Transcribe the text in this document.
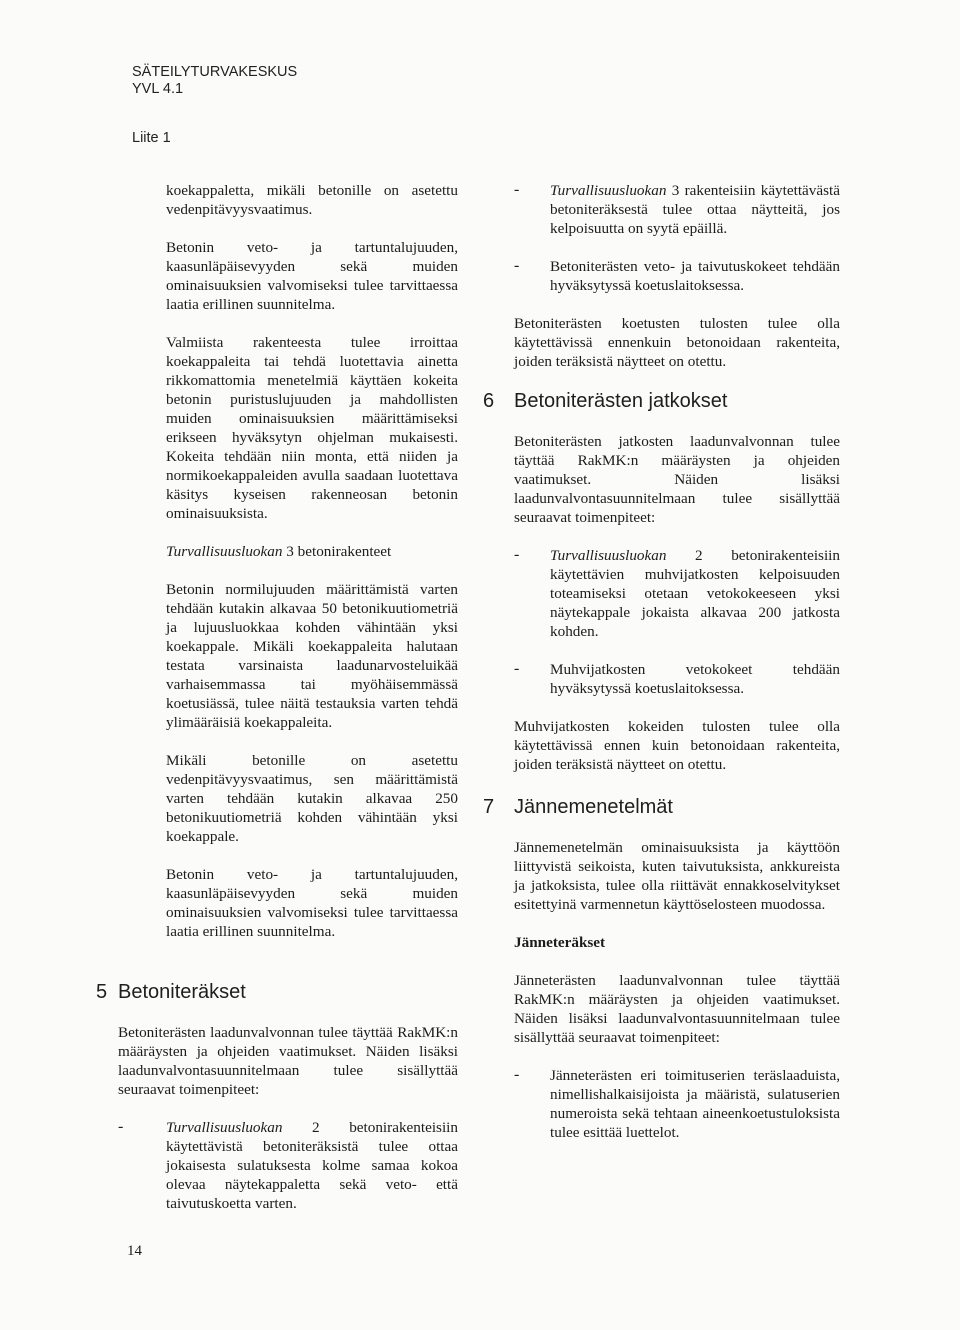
SÄTEILYTURVAKESKUS
YVL 4.1
Liite 1

koekappaletta, mikäli betonille on asetettu vedenpitävyysvaatimus.

Betonin veto- ja tartuntalujuuden, kaasunläpäisevyyden sekä muiden ominaisuuksien valvomiseksi tulee tarvittaessa laatia erillinen suunnitelma.

Valmiista rakenteesta tulee irroittaa koekappaleita tai tehdä luotettavia ainetta rikkomattomia menetelmiä käyttäen kokeita betonin puristuslujuuden ja mahdollisten muiden ominaisuuksien määrittämiseksi erikseen hyväksytyn ohjelman mukaisesti. Kokeita tehdään niin monta, että niiden ja normikoekappaleiden avulla saadaan luotettava käsitys kyseisen rakenneosan betonin ominaisuuksista.

Turvallisuusluokan 3 betonirakenteet

Betonin normilujuuden määrittämistä varten tehdään kutakin alkavaa 50 betonikuutiometriä ja lujuusluokkaa kohden vähintään yksi koekappale. Mikäli koekappaleita halutaan testata varsinaista laadunarvosteluikää varhaisemmassa tai myöhäisemmässä koetusiässä, tulee näitä testauksia varten tehdä ylimääräisiä koekappaleita.

Mikäli betonille on asetettu vedenpitävyysvaatimus, sen määrittämistä varten tehdään kutakin alkavaa 250 betonikuutiometriä kohden vähintään yksi koekappale.

Betonin veto- ja tartuntalujuuden, kaasunläpäisevyyden sekä muiden ominaisuuksien valvomiseksi tulee tarvittaessa laatia erillinen suunnitelma.

5 Betoniteräkset

Betoniterästen laadunvalvonnan tulee täyttää RakMK:n määräysten ja ohjeiden vaatimukset. Näiden lisäksi laadunvalvontasuunnitelmaan tulee sisällyttää seuraavat toimenpiteet:

-	Turvallisuusluokan 2 betonirakenteisiin käytettävistä betoniteräksistä tulee ottaa jokaisesta sulatuksesta kolme samaa kokoa olevaa näytekappaletta sekä veto- että taivutuskoetta varten.

- Turvallisuusluokan 3 rakenteisiin käytettävästä betoniteräksestä tulee ottaa näytteitä, jos kelpoisuutta on syytä epäillä.

- Betoniterästen veto- ja taivutuskokeet tehdään hyväksytyssä koetuslaitoksessa.

Betoniterästen koetusten tulosten tulee olla käytettävissä ennenkuin betonoidaan rakenteita, joiden teräksistä näytteet on otettu.

6 Betoniterästen jatkokset

Betoniterästen jatkosten laadunvalvonnan tulee täyttää RakMK:n määräysten ja ohjeiden vaatimukset. Näiden lisäksi laadunvalvontasuunnitelmaan tulee sisällyttää seuraavat toimenpiteet:

- Turvallisuusluokan 2 betonirakenteisiin käytettävien muhvijatkosten kelpoisuuden toteamiseksi otetaan vetokokeeseen yksi näytekappale jokaista alkavaa 200 jatkosta kohden.

- Muhvijatkosten vetokokeet tehdään hyväksytyssä koetuslaitoksessa.

Muhvijatkosten kokeiden tulosten tulee olla käytettävissä ennen kuin betonoidaan rakenteita, joiden teräksistä näytteet on otettu.

7 Jännemenetelmät

Jännemenetelmän ominaisuuksista ja käyttöön liittyvistä seikoista, kuten taivutuksista, ankkureista ja jatkoksista, tulee olla riittävät ennakkoselvitykset esitettyinä varmennetun käyttöselosteen muodossa.

Jänneteräkset

Jänneterästen laadunvalvonnan tulee täyttää RakMK:n määräysten ja ohjeiden vaatimukset. Näiden lisäksi laadunvalvontasuunnitelmaan tulee sisällyttää seuraavat toimenpiteet:

- Jänneterästen eri toimituserien teräslaaduista, nimellishalkaisijoista ja määristä, sulatuserien numeroista sekä tehtaan aineenkoetustuloksista tulee esittää luettelot.

14
